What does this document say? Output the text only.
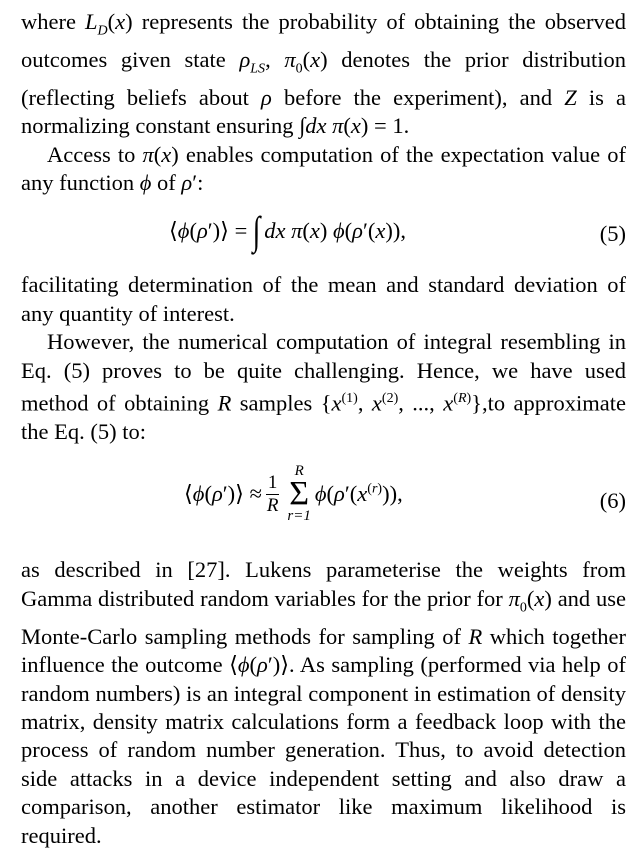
where $L_D(x)$ represents the probability of obtaining the observed outcomes given state $\rho_{LS}$, $\pi_0(x)$ denotes the prior distribution (reflecting beliefs about ρ before the experiment), and Z is a normalizing constant ensuring ∫dx π(x) = 1.

Access to π(x) enables computation of the expectation value of any function ϕ of ρ′:

⟨ϕ(ρ′)⟩ = ∫ dx π(x) ϕ(ρ′(x)),	(5)

facilitating determination of the mean and standard deviation of any quantity of interest.

However, the numerical computation of integral resembling in Eq. (5) proves to be quite challenging. Hence, we have used method of obtaining R samples {$x^{(1)}$, $x^{(2)}$, ..., $x^{(R)}\},to$ approximate the Eq. (5) to:

⟨ϕ(ρ′)⟩ ≈ $\frac{1}{R}$
R
Σ
r=1
$\phi(\rho'(x^{(r)}))$,	(6)

as described in [27]. Lukens parameterise the weights from Gamma distributed random variables for the prior for $\pi_0(x)$ and use Monte-Carlo sampling methods for sampling of R which together influence the outcome ⟨ϕ(ρ′)⟩. As sampling (performed via help of random numbers) is an integral component in estimation of density matrix, density matrix calculations form a feedback loop with the process of random number generation. Thus, to avoid detection side attacks in a device independent setting and also draw a comparison, another estimator like maximum likelihood is required.
